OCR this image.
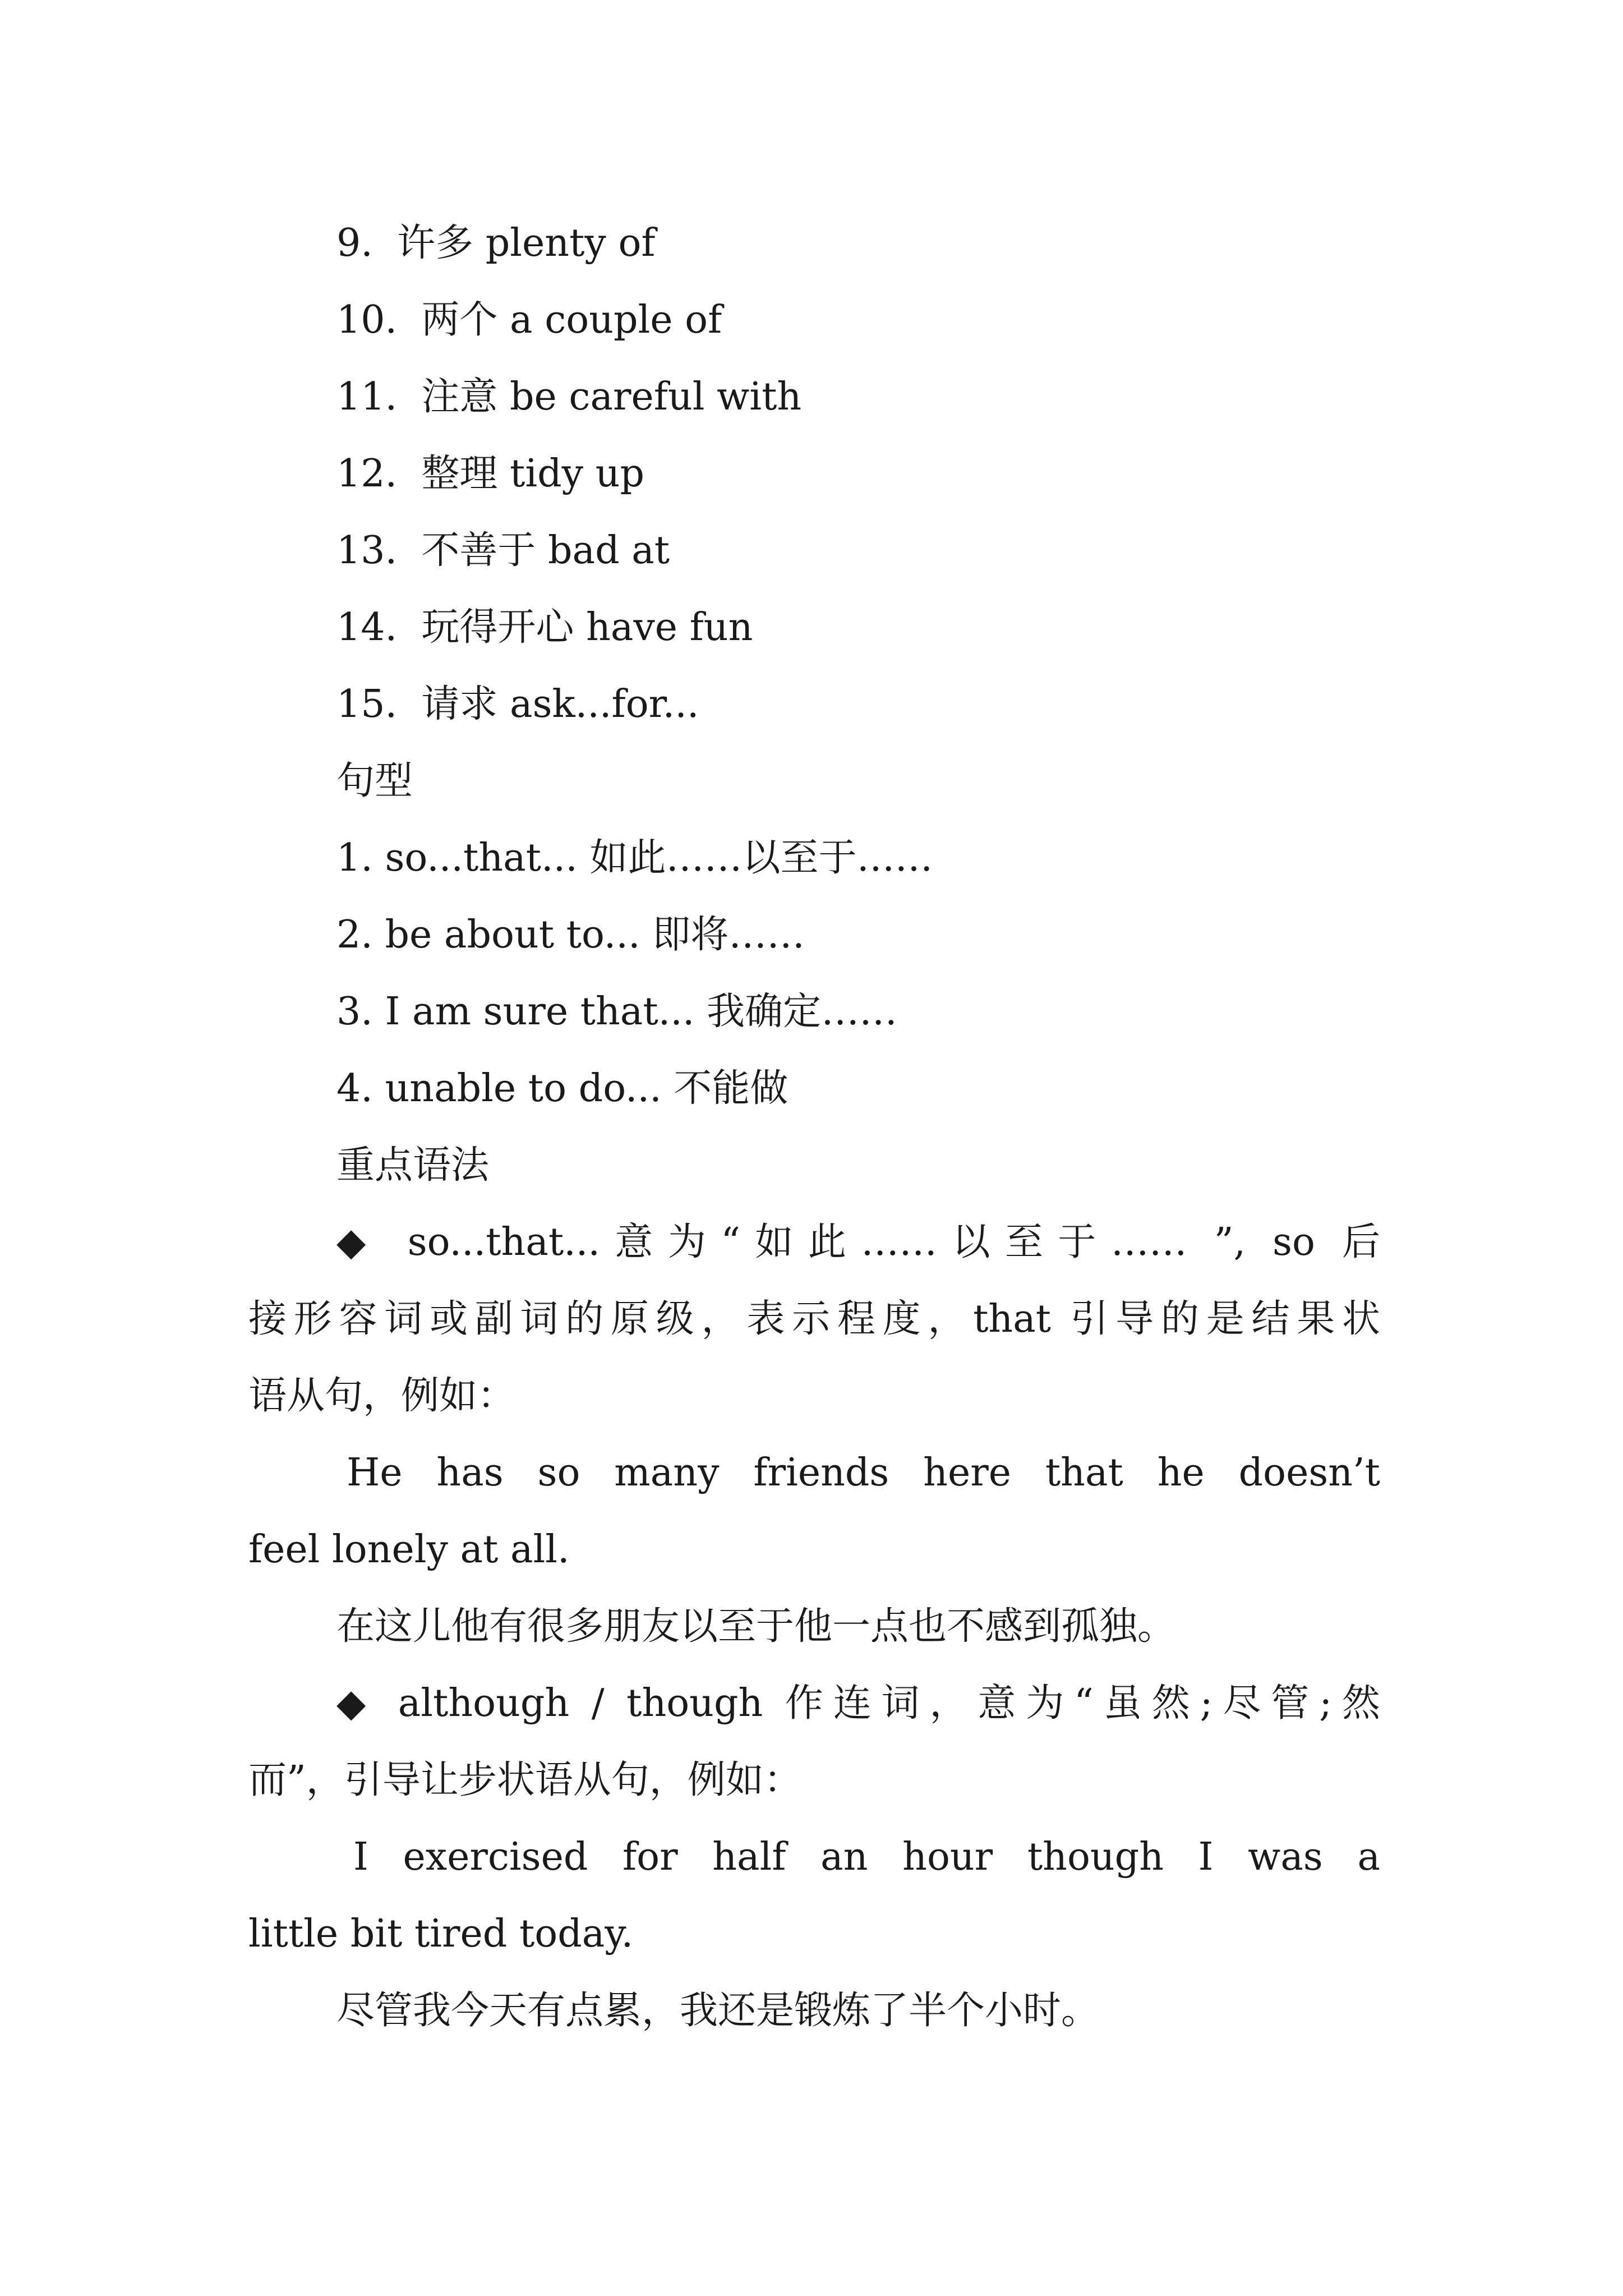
9. 许多 plenty of

10. 两个 a couple of

11. 注意 be careful with

12. 整理 tidy up

13. 不善于 bad at

14. 玩得开心 have fun

15. 请求 ask...for...

句型

1. so...that... 如此……以至于……

2. be about to... 即将……

3. I am sure that... 我确定……

4. unable to do... 不能做

重点语法

◆ so...that...意为“如此……以至于…… ”, so 后

接形容词或副词的原级，表示程度，that 引导的是结果状

语从句，例如：

He has so many friends here that he doesn’t

feel lonely at all.

在这儿他有很多朋友以至于他一点也不感到孤独。

◆ although / though 作连词，意为“虽然;尽管;然

而”，引导让步状语从句，例如：

I exercised for half an hour though I was a

little bit tired today.

尽管我今天有点累，我还是锻炼了半个小时。
